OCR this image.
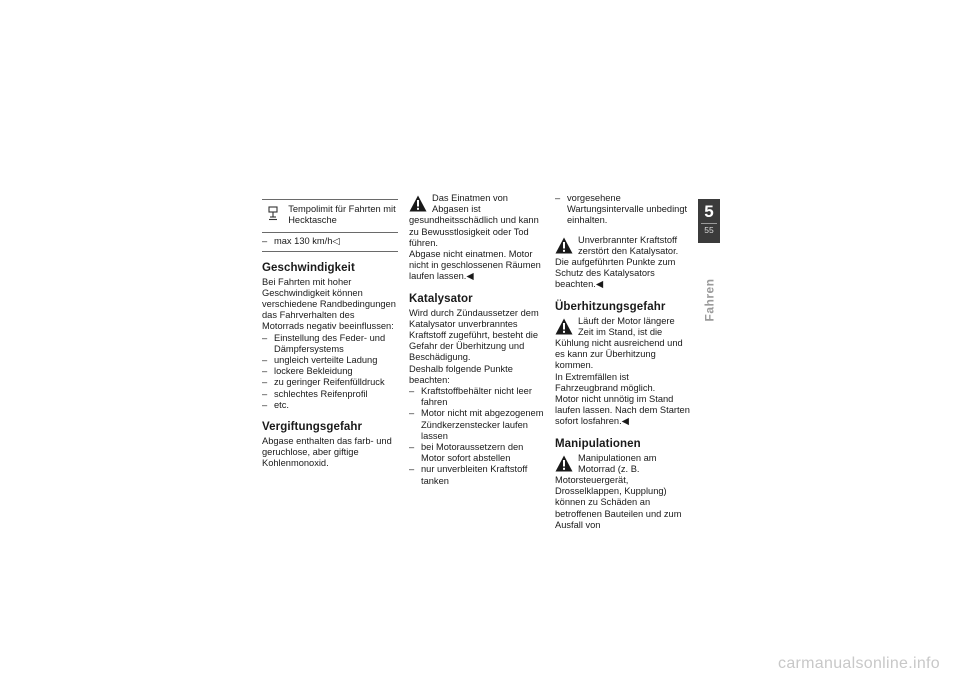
Tempolimit für Fahrten mit Hecktasche
– max 130 km/h◁
Geschwindigkeit

Bei Fahrten mit hoher Geschwindigkeit können verschiedene Randbedingungen das Fahrverhalten des Motorrads negativ beeinflussen:

– Einstellung des Feder- und Dämpfersystems
– ungleich verteilte Ladung
– lockere Bekleidung
– zu geringer Reifenfülldruck
– schlechtes Reifenprofil
– etc.
Vergiftungsgefahr

Abgase enthalten das farb- und geruchlose, aber giftige Kohlenmonoxid.

Das Einatmen von Abgasen ist gesundheitsschädlich und kann zu Bewusstlosigkeit oder Tod führen.

Abgase nicht einatmen. Motor nicht in geschlossenen Räumen laufen lassen.◀

Katalysator

Wird durch Zündaussetzer dem Katalysator unverbranntes Kraftstoff zugeführt, besteht die Gefahr der Überhitzung und Beschädigung.

Deshalb folgende Punkte beachten:

– Kraftstoffbehälter nicht leer fahren
– Motor nicht mit abgezogenem Zündkerzenstecker laufen lassen
– bei Motoraussetzern den Motor sofort abstellen
– nur unverbleiten Kraftstoff tanken
– vorgesehene Wartungsintervalle unbedingt einhalten.

Unverbrannter Kraftstoff zerstört den Katalysator.

Die aufgeführten Punkte zum Schutz des Katalysators beachten.◀

Überhitzungsgefahr

Läuft der Motor längere Zeit im Stand, ist die Kühlung nicht ausreichend und es kann zur Überhitzung kommen.

In Extremfällen ist Fahrzeugbrand möglich.

Motor nicht unnötig im Stand laufen lassen. Nach dem Starten sofort losfahren.◀

Manipulationen

Manipulationen am Motorrad (z. B. Motorsteuergerät, Drosselklappen, Kupplung) können zu Schäden an betroffenen Bauteilen und zum Ausfall von

5
55
Fahren
carmanualsonline.info
